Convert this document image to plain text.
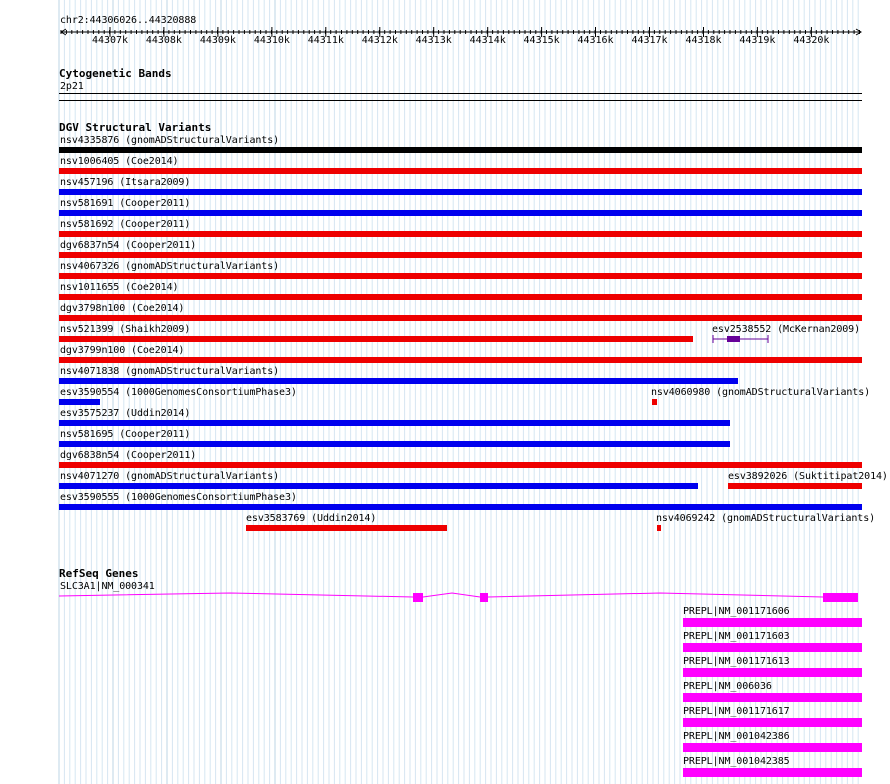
chr2:44306026..44320888
44307k 44308k 44309k 44310k 44311k 44312k 44313k 44314k 44315k 44316k 44317k 44318k 44319k 44320k
Cytogenetic Bands
2p21
DGV Structural Variants
nsv4335876 (gnomADStructuralVariants)
nsv1006405 (Coe2014)
nsv457196 (Itsara2009)
nsv581691 (Cooper2011)
nsv581692 (Cooper2011)
dgv6837n54 (Cooper2011)
nsv4067326 (gnomADStructuralVariants)
nsv1011655 (Coe2014)
dgv3798n100 (Coe2014)
nsv521399 (Shaikh2009)	esv2538552 (McKernan2009)
dgv3799n100 (Coe2014)
nsv4071838 (gnomADStructuralVariants)
esv3590554 (1000GenomesConsortiumPhase3)	nsv4060980 (gnomADStructuralVariants)
esv3575237 (Uddin2014)
nsv581695 (Cooper2011)
dgv6838n54 (Cooper2011)
nsv4071270 (gnomADStructuralVariants)	esv3892026 (Suktitipat2014)
esv3590555 (1000GenomesConsortiumPhase3)
esv3583769 (Uddin2014)	nsv4069242 (gnomADStructuralVariants)
RefSeq Genes
SLC3A1|NM_000341
PREPL|NM_001171606
PREPL|NM_001171603
PREPL|NM_001171613
PREPL|NM_006036
PREPL|NM_001171617
PREPL|NM_001042386
PREPL|NM_001042385
